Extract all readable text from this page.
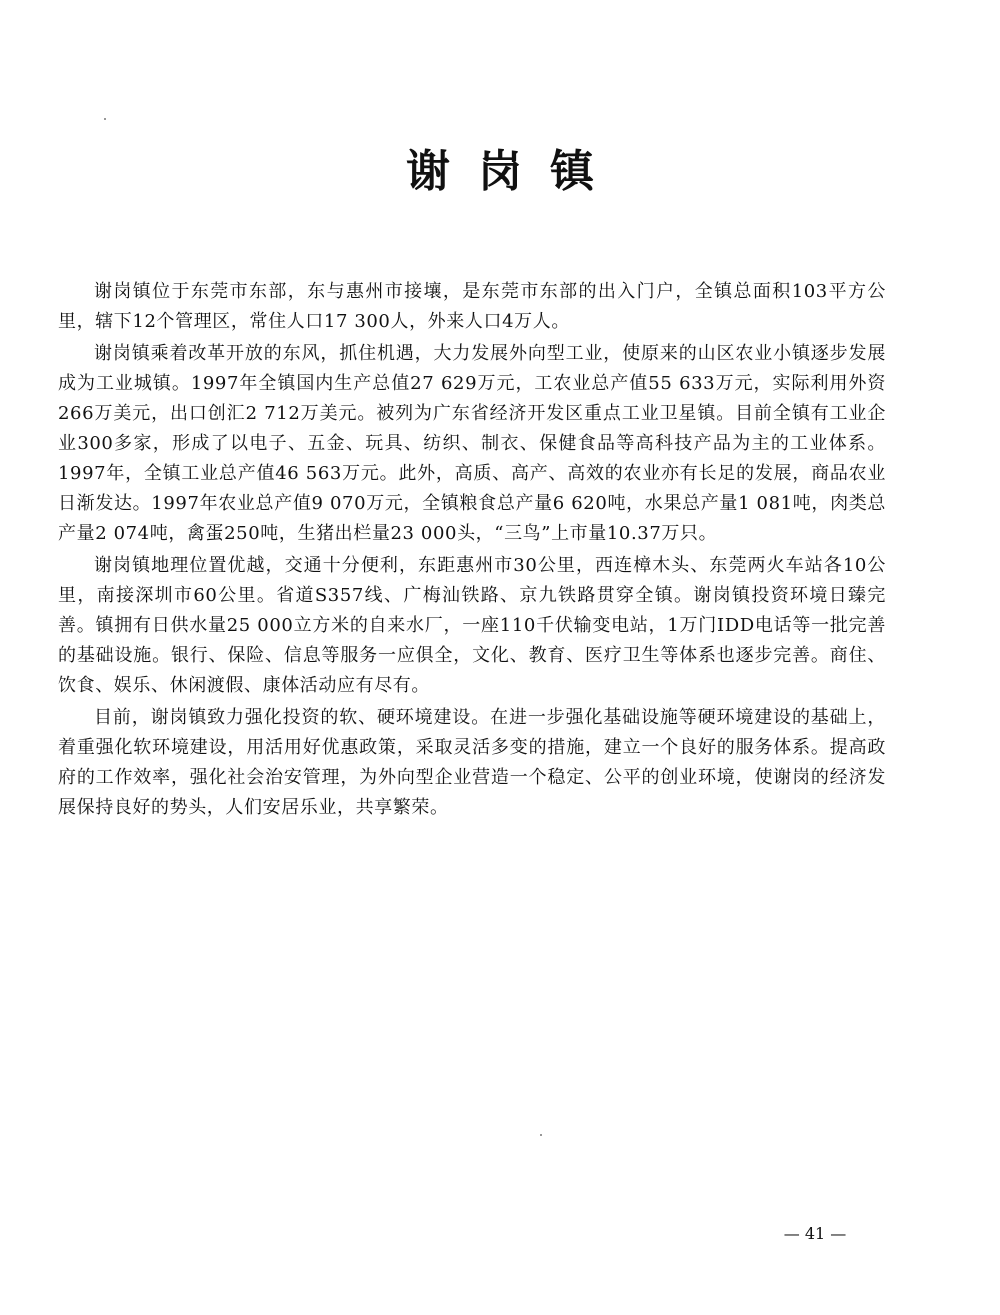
谢岗镇

谢岗镇位于东莞市东部，东与惠州市接壤，是东莞市东部的出入门户，全镇总面积103平方公里，辖下12个管理区，常住人口17 300人，外来人口4万人。

谢岗镇乘着改革开放的东风，抓住机遇，大力发展外向型工业，使原来的山区农业小镇逐步发展成为工业城镇。1997年全镇国内生产总值27 629万元，工农业总产值55 633万元，实际利用外资266万美元，出口创汇2 712万美元。被列为广东省经济开发区重点工业卫星镇。目前全镇有工业企业300多家，形成了以电子、五金、玩具、纺织、制衣、保健食品等高科技产品为主的工业体系。1997年，全镇工业总产值46 563万元。此外，高质、高产、高效的农业亦有长足的发展，商品农业日渐发达。1997年农业总产值9 070万元，全镇粮食总产量6 620吨，水果总产量1 081吨，肉类总产量2 074吨，禽蛋250吨，生猪出栏量23 000头，“三鸟”上市量10.37万只。

谢岗镇地理位置优越，交通十分便利，东距惠州市30公里，西连樟木头、东莞两火车站各10公里，南接深圳市60公里。省道S357线、广梅汕铁路、京九铁路贯穿全镇。谢岗镇投资环境日臻完善。镇拥有日供水量25 000立方米的自来水厂，一座110千伏输变电站，1万门IDD电话等一批完善的基础设施。银行、保险、信息等服务一应俱全，文化、教育、医疗卫生等体系也逐步完善。商住、饮食、娱乐、休闲渡假、康体活动应有尽有。

目前，谢岗镇致力强化投资的软、硬环境建设。在进一步强化基础设施等硬环境建设的基础上，着重强化软环境建设，用活用好优惠政策，采取灵活多变的措施，建立一个良好的服务体系。提高政府的工作效率，强化社会治安管理，为外向型企业营造一个稳定、公平的创业环境，使谢岗的经济发展保持良好的势头，人们安居乐业，共享繁荣。

— 41 —
